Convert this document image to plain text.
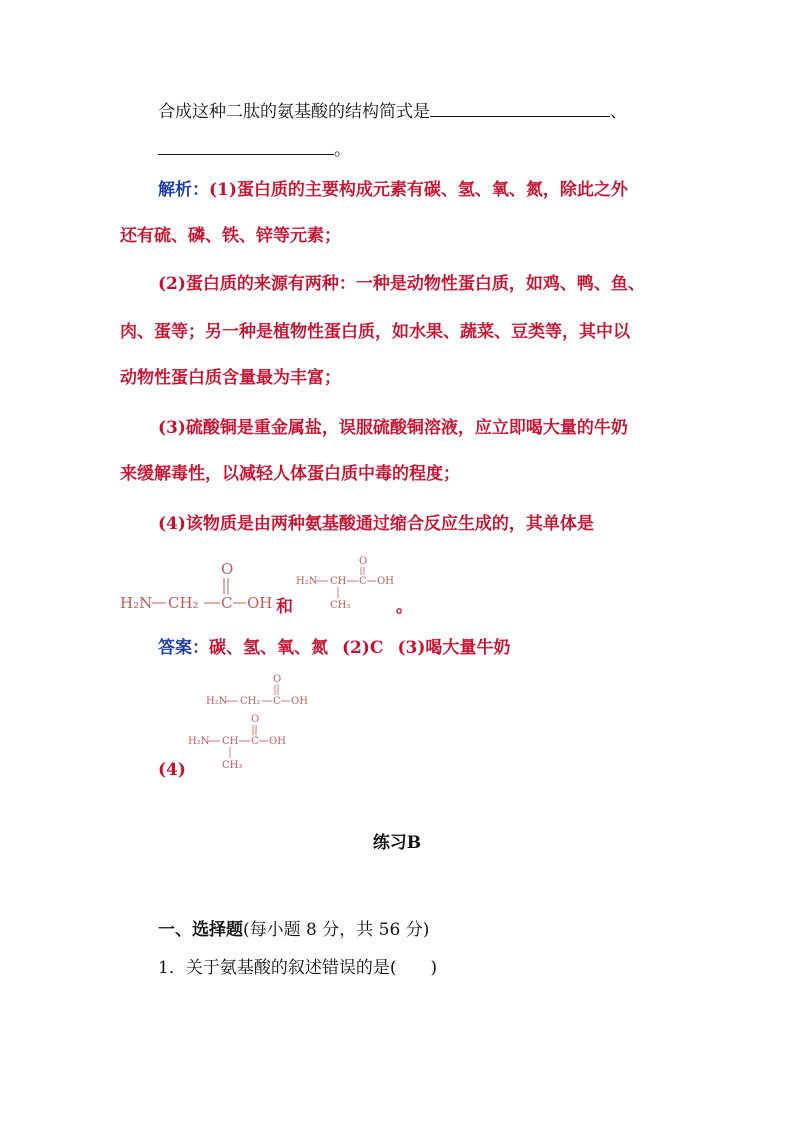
合成这种二肽的氨基酸的结构简式是	、
。
解析：(1)蛋白质的主要构成元素有碳、氢、氧、氮，除此之外
还有硫、磷、铁、锌等元素；
(2)蛋白质的来源有两种：一种是动物性蛋白质，如鸡、鸭、鱼、
肉、蛋等；另一种是植物性蛋白质，如水果、蔬菜、豆类等，其中以
动物性蛋白质含量最为丰富；
(3)硫酸铜是重金属盐，误服硫酸铜溶液，应立即喝大量的牛奶
来缓解毒性，以减轻人体蛋白质中毒的程度；
(4)该物质是由两种氨基酸通过缩合反应生成的，其单体是
H₂N CH₂ C
O
OH 和
H₂N CH C
O
OH
CH₃	。
答案：碳、氢、氧、氮 (2)C (3)喝大量牛奶
H₂N CH₂ C
O
OH
H₂N CH C
O
OH
CH₃
(4)
练习B
一、选择题(每小题 8 分，共 56 分)
1．关于氨基酸的叙述错误的是(　　)
